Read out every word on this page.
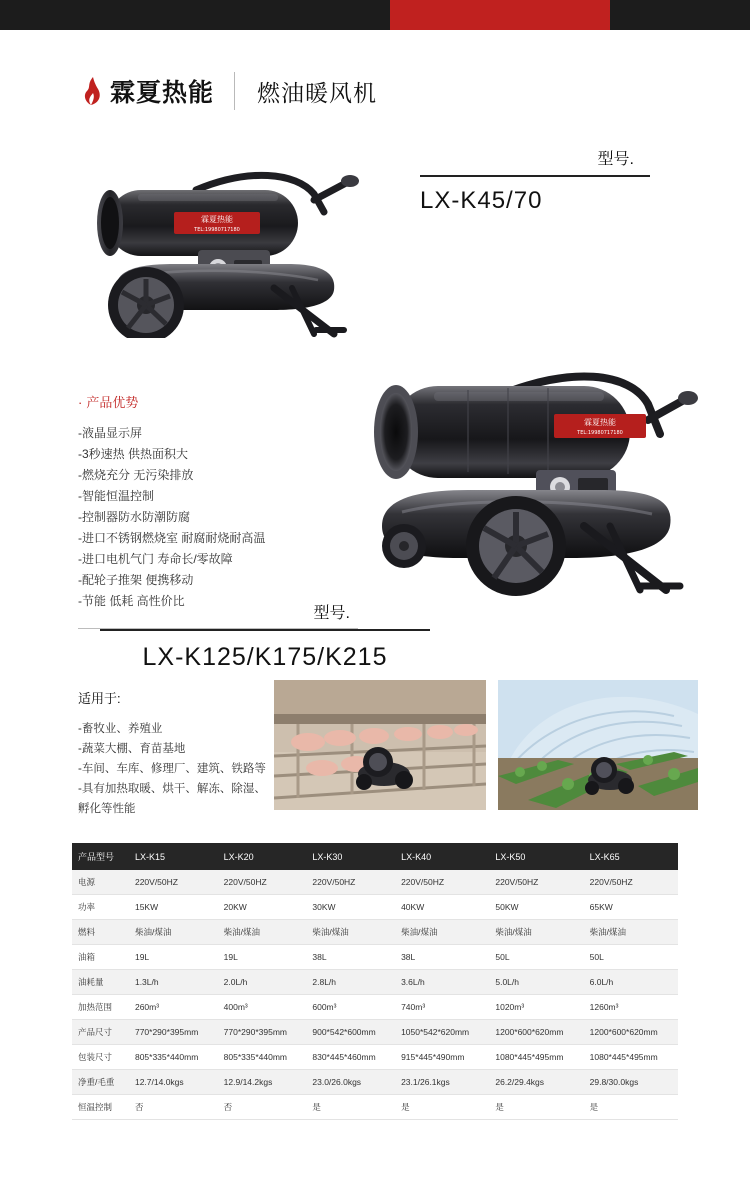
霖夏热能 燃油暖风机
霖夏热能
TEL:19980717180
型号.
LX-K45/70
· 产品优势
-液晶显示屏
-3秒速热 供热面积大
-燃烧充分 无污染排放
-智能恒温控制
-控制器防水防潮防腐
-进口不锈钢燃烧室 耐腐耐烧耐高温
-进口电机气门 寿命长/零故障
-配轮子推架 便携移动
-节能 低耗 高性价比
霖夏热能
TEL:19980717180
型号.
LX-K125/K175/K215
适用于:
-畜牧业、养殖业
-蔬菜大棚、育苗基地
-车间、车库、修理厂、建筑、铁路等
-具有加热取暖、烘干、解冻、除湿、孵化等性能
产品型号	LX-K15	LX-K20	LX-K30	LX-K40	LX-K50	LX-K65
电源	220V/50HZ	220V/50HZ	220V/50HZ	220V/50HZ	220V/50HZ	220V/50HZ
功率	15KW	20KW	30KW	40KW	50KW	65KW
燃料	柴油/煤油	柴油/煤油	柴油/煤油	柴油/煤油	柴油/煤油	柴油/煤油
油箱	19L	19L	38L	38L	50L	50L
油耗量	1.3L/h	2.0L/h	2.8L/h	3.6L/h	5.0L/h	6.0L/h
加热范围	260m³	400m³	600m³	740m³	1020m³	1260m³
产品尺寸	770*290*395mm	770*290*395mm	900*542*600mm	1050*542*620mm	1200*600*620mm	1200*600*620mm
包装尺寸	805*335*440mm	805*335*440mm	830*445*460mm	915*445*490mm	1080*445*495mm	1080*445*495mm
净重/毛重	12.7/14.0kgs	12.9/14.2kgs	23.0/26.0kgs	23.1/26.1kgs	26.2/29.4kgs	29.8/30.0kgs
恒温控制	否	否	是	是	是	是
